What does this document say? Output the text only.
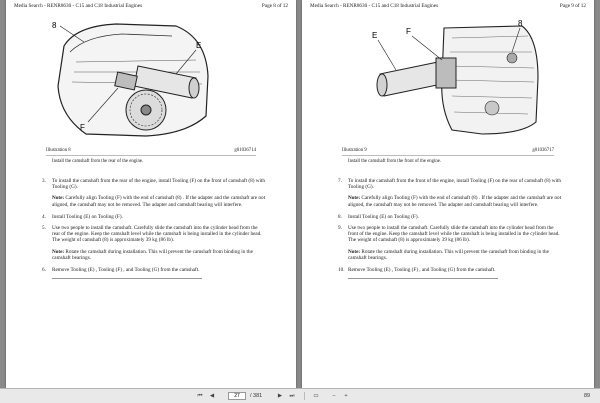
Media Search - RENR8630 - C15 and C18 Industrial Engines	Page 8 of 12
8
E
F
Illustration 8	g01036714
Install the camshaft from the rear of the engine.
3. To install the camshaft from the rear of the engine, install Tooling (F) on the front of camshaft (8) with Tooling (G).
Note: Carefully align Tooling (F) with the end of camshaft (8) . If the adapter and the camshaft are not aligned, the camshaft may not be removed. The adapter and camshaft bearing will interfere.
4. Install Tooling (E) on Tooling (F).
5. Use two people to install the camshaft. Carefully slide the camshaft into the cylinder head from the rear of the engine. Keep the camshaft level while the camshaft is being installed in the cylinder head. The weight of camshaft (8) is approximately 39 kg (86 lb).
Note: Rotate the camshaft during installation. This will prevent the camshaft from binding in the camshaft bearings.
6. Remove Tooling (E) , Tooling (F) , and Tooling (G) from the camshaft.
Media Search - RENR8630 - C15 and C18 Industrial Engines	Page 9 of 12
E	F
8
Illustration 9	g01036717
Install the camshaft from the front of the engine.
7. To install the camshaft from the front of the engine, install Tooling (F) on the rear of camshaft (8) with Tooling (G).
Note: Carefully align Tooling (F) with the end of camshaft (8) . If the adapter and the camshaft are not aligned, the camshaft may not be removed. The adapter and camshaft bearing will interfere.
8. Install Tooling (E) on Tooling (F).
9. Use two people to install the camshaft. Carefully slide the camshaft into the cylinder head from the front of the engine. Keep the camshaft level while the camshaft is being installed in the cylinder head. The weight of camshaft (8) is approximately 39 kg (86 lb).
Note: Rotate the camshaft during installation. This will prevent the camshaft from binding in the camshaft bearings.
10. Remove Tooling (E) , Tooling (F) , and Tooling (G) from the camshaft.
⏮	◀
27	/ 381	▶	⏭	▭	−	+	89
